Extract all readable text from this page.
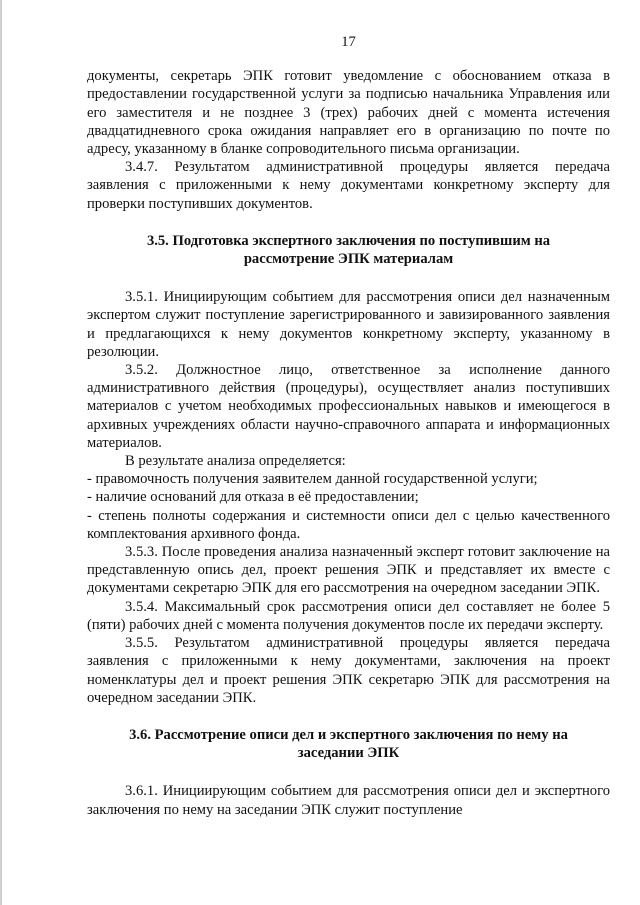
17

документы, секретарь ЭПК готовит уведомление с обоснованием отказа в предоставлении государственной услуги за подписью начальника Управления или его заместителя и не позднее 3 (трех) рабочих дней с момента истечения двадцатидневного срока ожидания направляет его в организацию по почте по адресу, указанному в бланке сопроводительного письма организации.

3.4.7. Результатом административной процедуры является передача заявления с приложенными к нему документами конкретному эксперту для проверки поступивших документов.

3.5. Подготовка экспертного заключения по поступившим на рассмотрение ЭПК материалам

3.5.1. Инициирующим событием для рассмотрения описи дел назначенным экспертом служит поступление зарегистрированного и завизированного заявления и предлагающихся к нему документов конкретному эксперту, указанному в резолюции.

3.5.2. Должностное лицо, ответственное за исполнение данного административного действия (процедуры), осуществляет анализ поступивших материалов с учетом необходимых профессиональных навыков и имеющегося в архивных учреждениях области научно-справочного аппарата и информационных материалов.

В результате анализа определяется:

- правомочность получения заявителем данной государственной услуги;

- наличие оснований для отказа в её предоставлении;

- степень полноты содержания и системности описи дел с целью качественного комплектования архивного фонда.

3.5.3. После проведения анализа назначенный эксперт готовит заключение на представленную опись дел, проект решения ЭПК и представляет их вместе с документами секретарю ЭПК для его рассмотрения на очередном заседании ЭПК.

3.5.4. Максимальный срок рассмотрения описи дел составляет не более 5 (пяти) рабочих дней с момента получения документов после их передачи эксперту.

3.5.5. Результатом административной процедуры является передача заявления с приложенными к нему документами, заключения на проект номенклатуры дел и проект решения ЭПК секретарю ЭПК для рассмотрения на очередном заседании ЭПК.

3.6. Рассмотрение описи дел и экспертного заключения по нему на заседании ЭПК

3.6.1. Инициирующим событием для рассмотрения описи дел и экспертного заключения по нему на заседании ЭПК служит поступление
